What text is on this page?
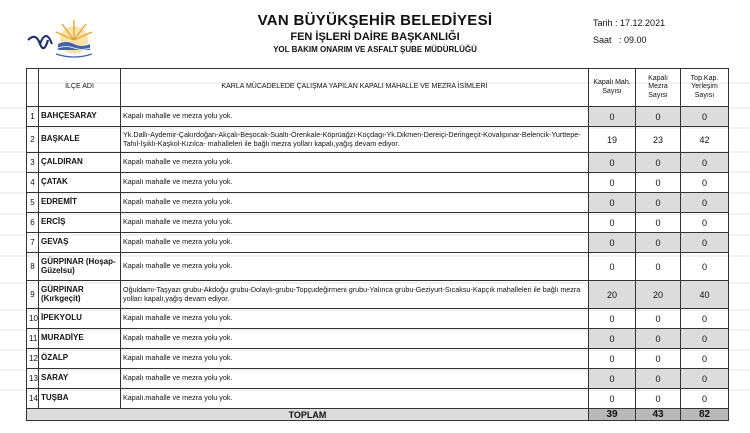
VAN BÜYÜKŞEHİR BELEDİYESİ
FEN İŞLERİ DAİRE BAŞKANLIĞI
YOL BAKIM ONARIM VE ASFALT ŞUBE MÜDÜRLÜĞÜ
Tarih : 17.12.2021
Saat : 09.00
	İLÇE ADI	KARLA MÜCADELEDE ÇALIŞMA YAPILAN KAPALI MAHALLE VE MEZRA İSİMLERİ	Kapalı Mah. Sayısı	Kapalı Mezra Sayısı	Top.Kap. Yerleşim Sayısı
1	BAHÇESARAY	Kapalı mahalle ve mezra yolu yok.	0	0	0
2	BAŞKALE	Yk.Dallı-Aydemir-Çakırdoğan-Akçalı-Beşocak-Sualtı-Örenkale-Köprüağzı-Koçdagı-Yk.Dikmen-Dereiçi-Deringeçit-Kovalıpınar-Belencik-Yurttepe-Tahıl-Işıklı-Kaşkol-Kızılca- mahalleleri ile bağlı mezra yolları kapalı,yağış devam ediyor.	19	23	42
3	ÇALDIRAN	Kapalı mahalle ve mezra yolu yok.	0	0	0
4	ÇATAK	Kapalı mahalle ve mezra yolu yok.	0	0	0
5	EDREMİT	Kapalı mahalle ve mezra yolu yok.	0	0	0
6	ERCİŞ	Kapalı mahalle ve mezra yolu yok.	0	0	0
7	GEVAŞ	Kapalı mahalle ve mezra yolu yok.	0	0	0
8	GÜRPINAR (Hoşap-Güzelsu)	Kapalı mahalle ve mezra yolu yok.	0	0	0
9	GÜRPINAR (Kırkgeçit)	Oğuldamı-Taşyazı grubu-Akdoğu grubu-Dolaylı-grubu-Topçudeğirmeni grubu-Yalınca grubu-Geziyurt-Sıcaksu-Kapçık mahalleleri ile bağlı mezra yolları kapalı,yağış devam ediyor.	20	20	40
10	İPEKYOLU	Kapalı mahalle ve mezra yolu yok.	0	0	0
11	MURADİYE	Kapalı mahalle ve mezra yolu yok.	0	0	0
12	ÖZALP	Kapalı mahalle ve mezra yolu yok.	0	0	0
13	SARAY	Kapalı mahalle ve mezra yolu yok.	0	0	0
14	TUŞBA	Kapalı.mahalle ve mezra yolu yok.	0	0	0
TOPLAM			39	43	82
